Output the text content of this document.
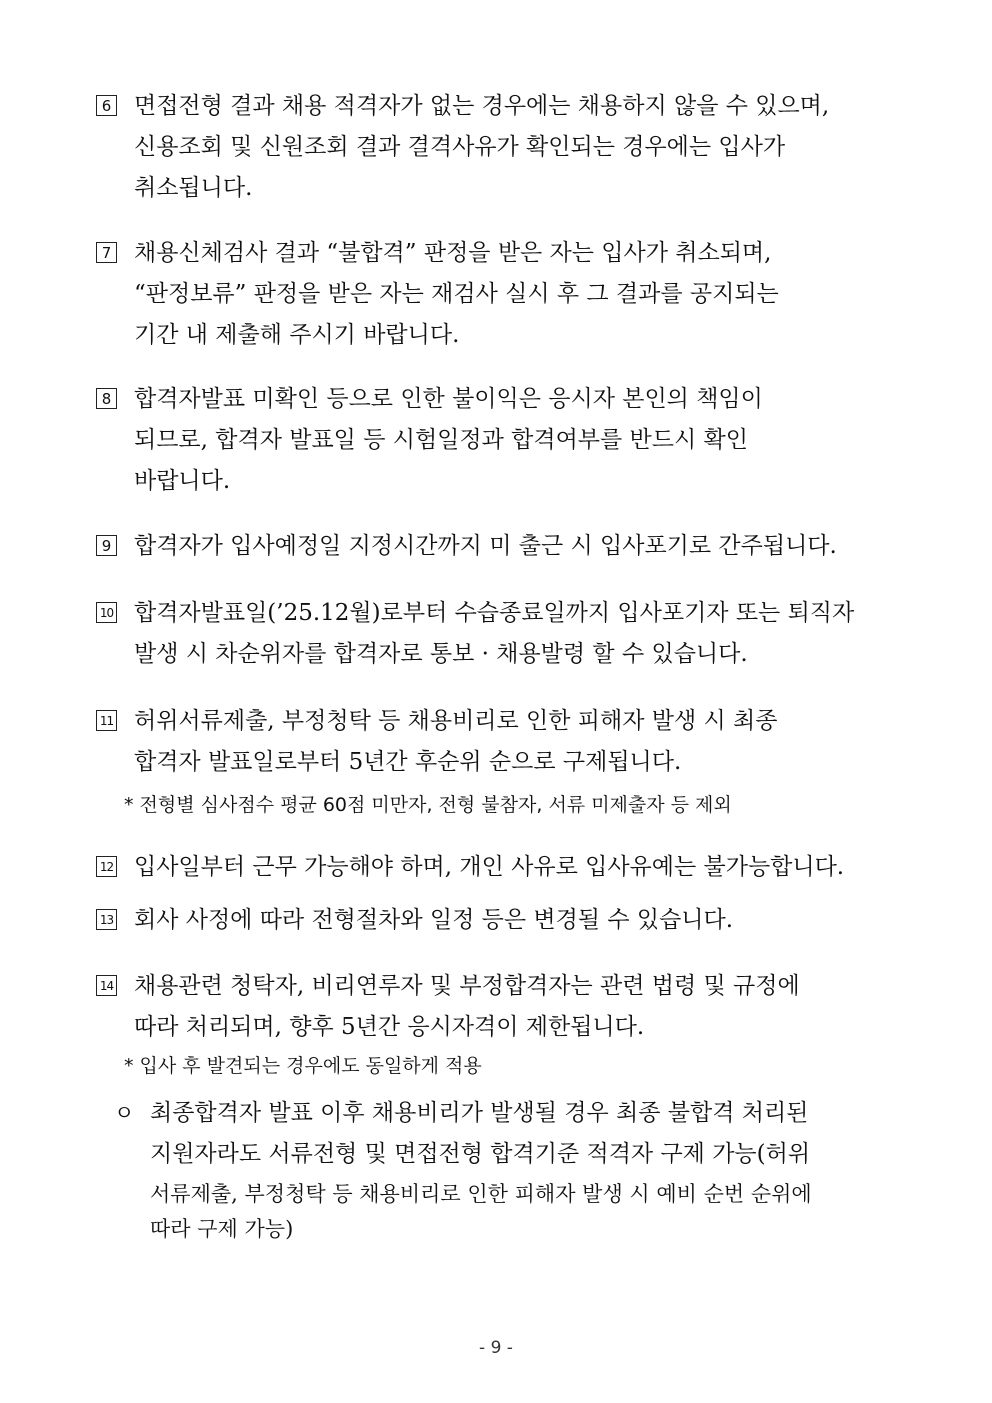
6 면접전형 결과 채용 적격자가 없는 경우에는 채용하지 않을 수 있으며,
신용조회 및 신원조회 결과 결격사유가 확인되는 경우에는 입사가
취소됩니다.
7 채용신체검사 결과 “불합격” 판정을 받은 자는 입사가 취소되며,
“판정보류” 판정을 받은 자는 재검사 실시 후 그 결과를 공지되는
기간 내 제출해 주시기 바랍니다.
8 합격자발표 미확인 등으로 인한 불이익은 응시자 본인의 책임이
되므로, 합격자 발표일 등 시험일정과 합격여부를 반드시 확인
바랍니다.
9 합격자가 입사예정일 지정시간까지 미 출근 시 입사포기로 간주됩니다.
10 합격자발표일(’25.12월)로부터 수습종료일까지 입사포기자 또는 퇴직자
발생 시 차순위자를 합격자로 통보 · 채용발령 할 수 있습니다.
11 허위서류제출, 부정청탁 등 채용비리로 인한 피해자 발생 시 최종
합격자 발표일로부터 5년간 후순위 순으로 구제됩니다.
* 전형별 심사점수 평균 60점 미만자, 전형 불참자, 서류 미제출자 등 제외
12 입사일부터 근무 가능해야 하며, 개인 사유로 입사유예는 불가능합니다.
13 회사 사정에 따라 전형절차와 일정 등은 변경될 수 있습니다.
14 채용관련 청탁자, 비리연루자 및 부정합격자는 관련 법령 및 규정에
따라 처리되며, 향후 5년간 응시자격이 제한됩니다.
* 입사 후 발견되는 경우에도 동일하게 적용
ㅇ 최종합격자 발표 이후 채용비리가 발생될 경우 최종 불합격 처리된
지원자라도 서류전형 및 면접전형 합격기준 적격자 구제 가능(허위
서류제출, 부정청탁 등 채용비리로 인한 피해자 발생 시 예비 순번 순위에
따라 구제 가능)
- 9 -
